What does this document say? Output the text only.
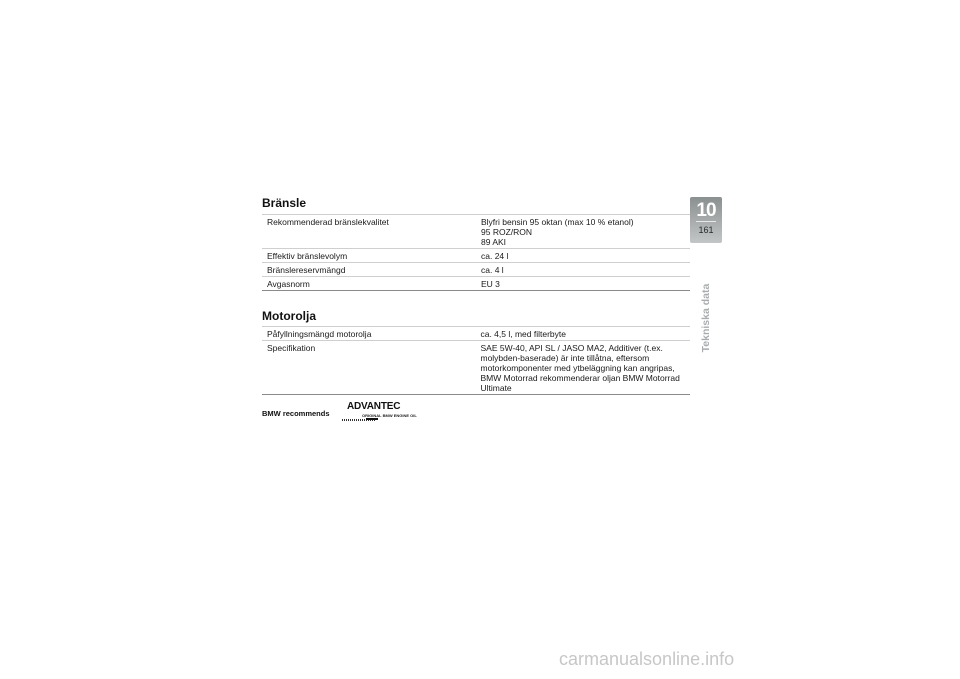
Bränsle
Rekommenderad bränslekvalitet	Blyfri bensin 95 oktan (max 10 % etanol)
95 ROZ/RON
89 AKI

Effektiv bränslevolym	ca. 24 l

Bränslereservmängd	ca. 4 l

Avgasnorm	EU 3
Motorolja
Påfyllningsmängd motorolja	ca. 4,5 l, med filterbyte

Specifikation	SAE 5W-40, API SL / JASO MA2, Additiver (t.ex. molybden-baserade) är inte tillåtna, eftersom motorkomponenter med ytbeläggning kan angripas, BMW Motorrad rekommenderar oljan BMW Motorrad Ultimate
BMW recommends
ADVANTEC
ORIGINAL BMW ENGINE OIL
10
161
Tekniska data
carmanualsonline.info
